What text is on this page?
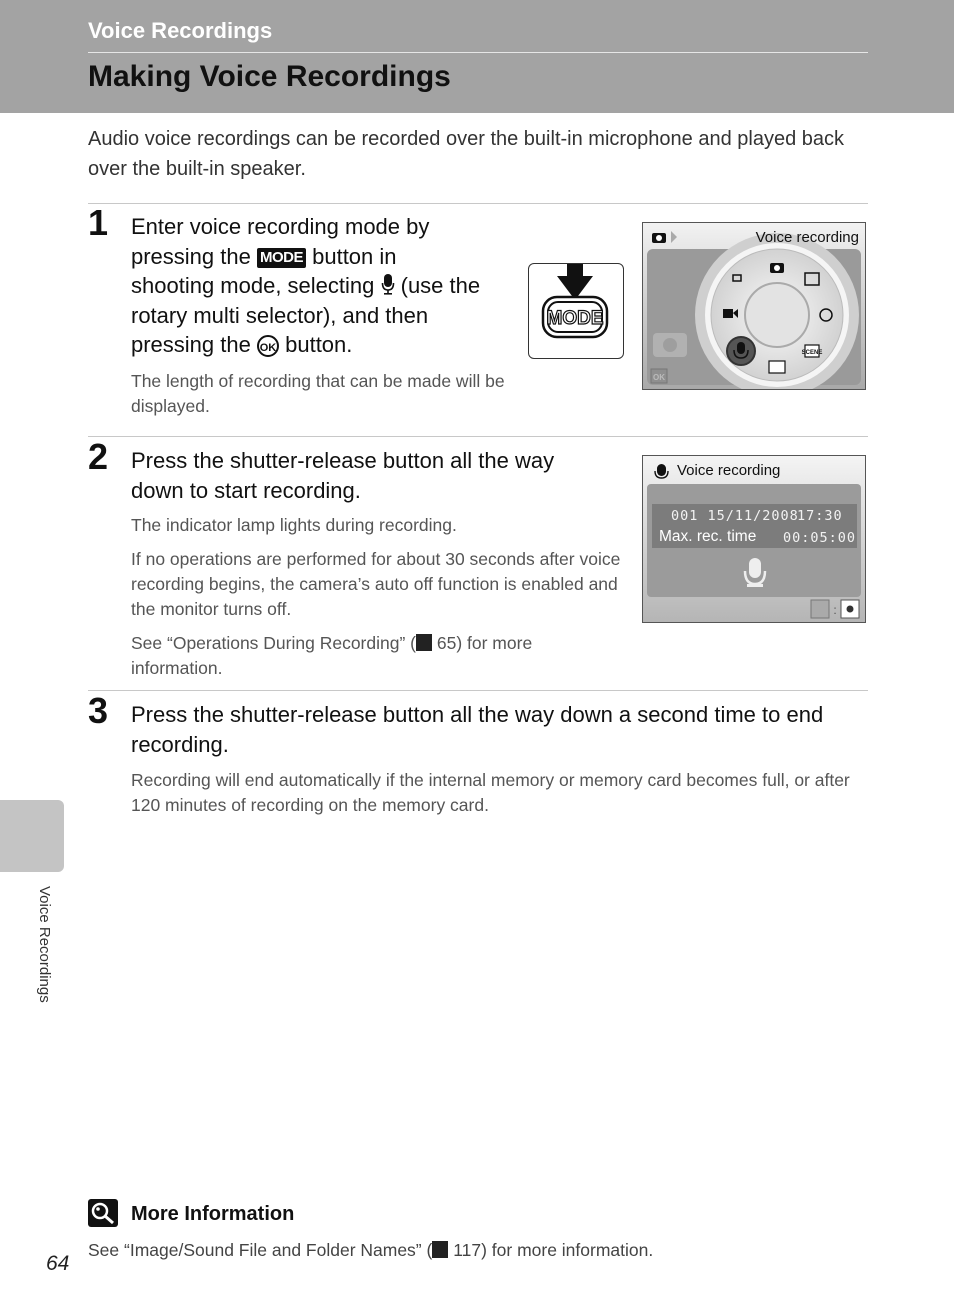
Voice Recordings
Making Voice Recordings
Audio voice recordings can be recorded over the built-in microphone and played back over the built-in speaker.
1 Enter voice recording mode by
pressing the MODE button in
shooting mode, selecting (use the
rotary multi selector), and then
pressing the OK button.
The length of recording that can be made will be displayed.
MODE
SCENE
OK
Voice recording
2 Press the shutter-release button all the way down to start recording.
The indicator lamp lights during recording.
If no operations are performed for about 30 seconds after voice recording begins, the camera’s auto off function is enabled and the monitor turns off.
See “Operations During Recording” ( 65) for more information.
:
Voice recording
001 15/11/2008
17:30
Max. rec. time 00:05:00
3 Press the shutter-release button all the way down a second time to end recording.
Recording will end automatically if the internal memory or memory card becomes full, or after 120 minutes of recording on the memory card.
Voice Recordings
More Information
See “Image/Sound File and Folder Names” ( 117) for more information.
64
